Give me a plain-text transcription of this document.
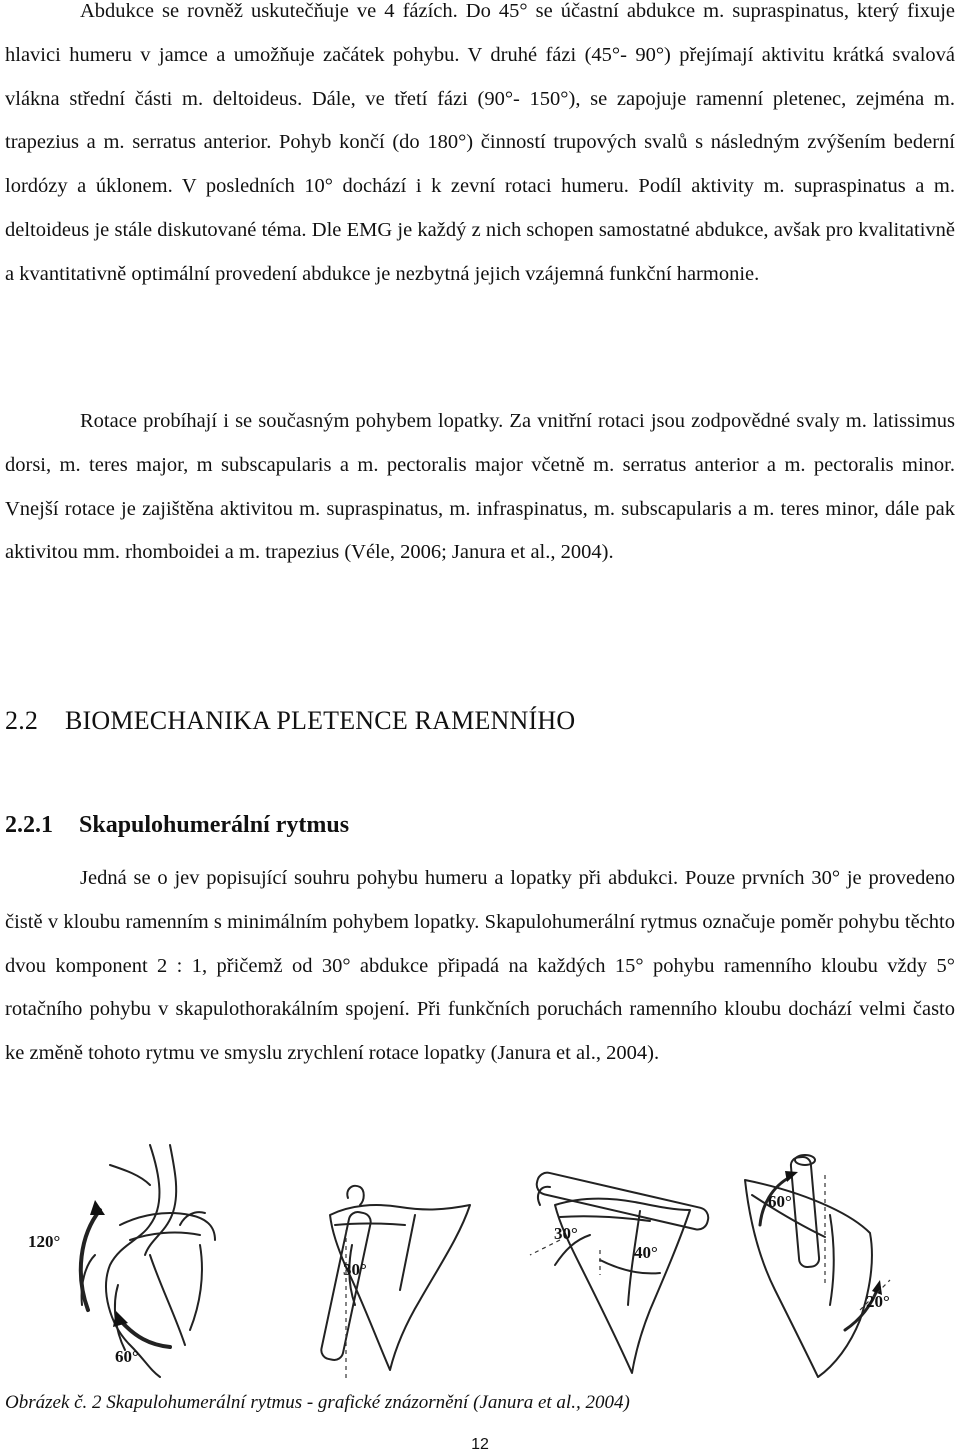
Abdukce se rovněž uskutečňuje ve 4 fázích. Do 45° se účastní abdukce m. supraspinatus, který fixuje hlavici humeru v jamce a umožňuje začátek pohybu. V druhé fázi (45°- 90°) přejímají aktivitu krátká svalová vlákna střední části m. deltoideus. Dále, ve třetí fázi (90°- 150°), se zapojuje ramenní pletenec, zejména m. trapezius a m. serratus anterior. Pohyb končí (do 180°) činností trupových svalů s následným zvýšením bederní lordózy a úklonem. V posledních 10° dochází i k zevní rotaci humeru. Podíl aktivity m. supraspinatus a m. deltoideus je stále diskutované téma. Dle EMG je každý z nich schopen samostatné abdukce, avšak pro kvalitativně a kvantitativně optimální provedení abdukce je nezbytná jejich vzájemná funkční harmonie.

Rotace probíhají i se současným pohybem lopatky. Za vnitřní rotaci jsou zodpovědné svaly m. latissimus dorsi, m. teres major, m subscapularis a m. pectoralis major včetně m. serratus anterior a m. pectoralis minor. Vnejší rotace je zajištěna aktivitou m. supraspinatus, m. infraspinatus, m. subscapularis a m. teres minor, dále pak aktivitou mm. rhomboidei a m. trapezius (Véle, 2006; Janura et al., 2004).

2.2 BIOMECHANIKA PLETENCE RAMENNÍHO
2.2.1 Skapulohumerální rytmus

Jedná se o jev popisující souhru pohybu humeru a lopatky při abdukci. Pouze prvních 30° je provedeno čistě v kloubu ramenním s minimálním pohybem lopatky. Skapulohumerální rytmus označuje poměr pohybu těchto dvou komponent 2 : 1, přičemž od 30° abdukce připadá na každých 15° pohybu ramenního kloubu vždy 5° rotačního pohybu v skapulothorakálním spojení. Při funkčních poruchách ramenního kloubu dochází velmi často ke změně tohoto rytmu ve smyslu zrychlení rotace lopatky (Janura et al., 2004).

120°
60°
30°
30°
40°
60°
20°

Obrázek č. 2 Skapulohumerální rytmus - grafické znázornění (Janura et al., 2004)

12
